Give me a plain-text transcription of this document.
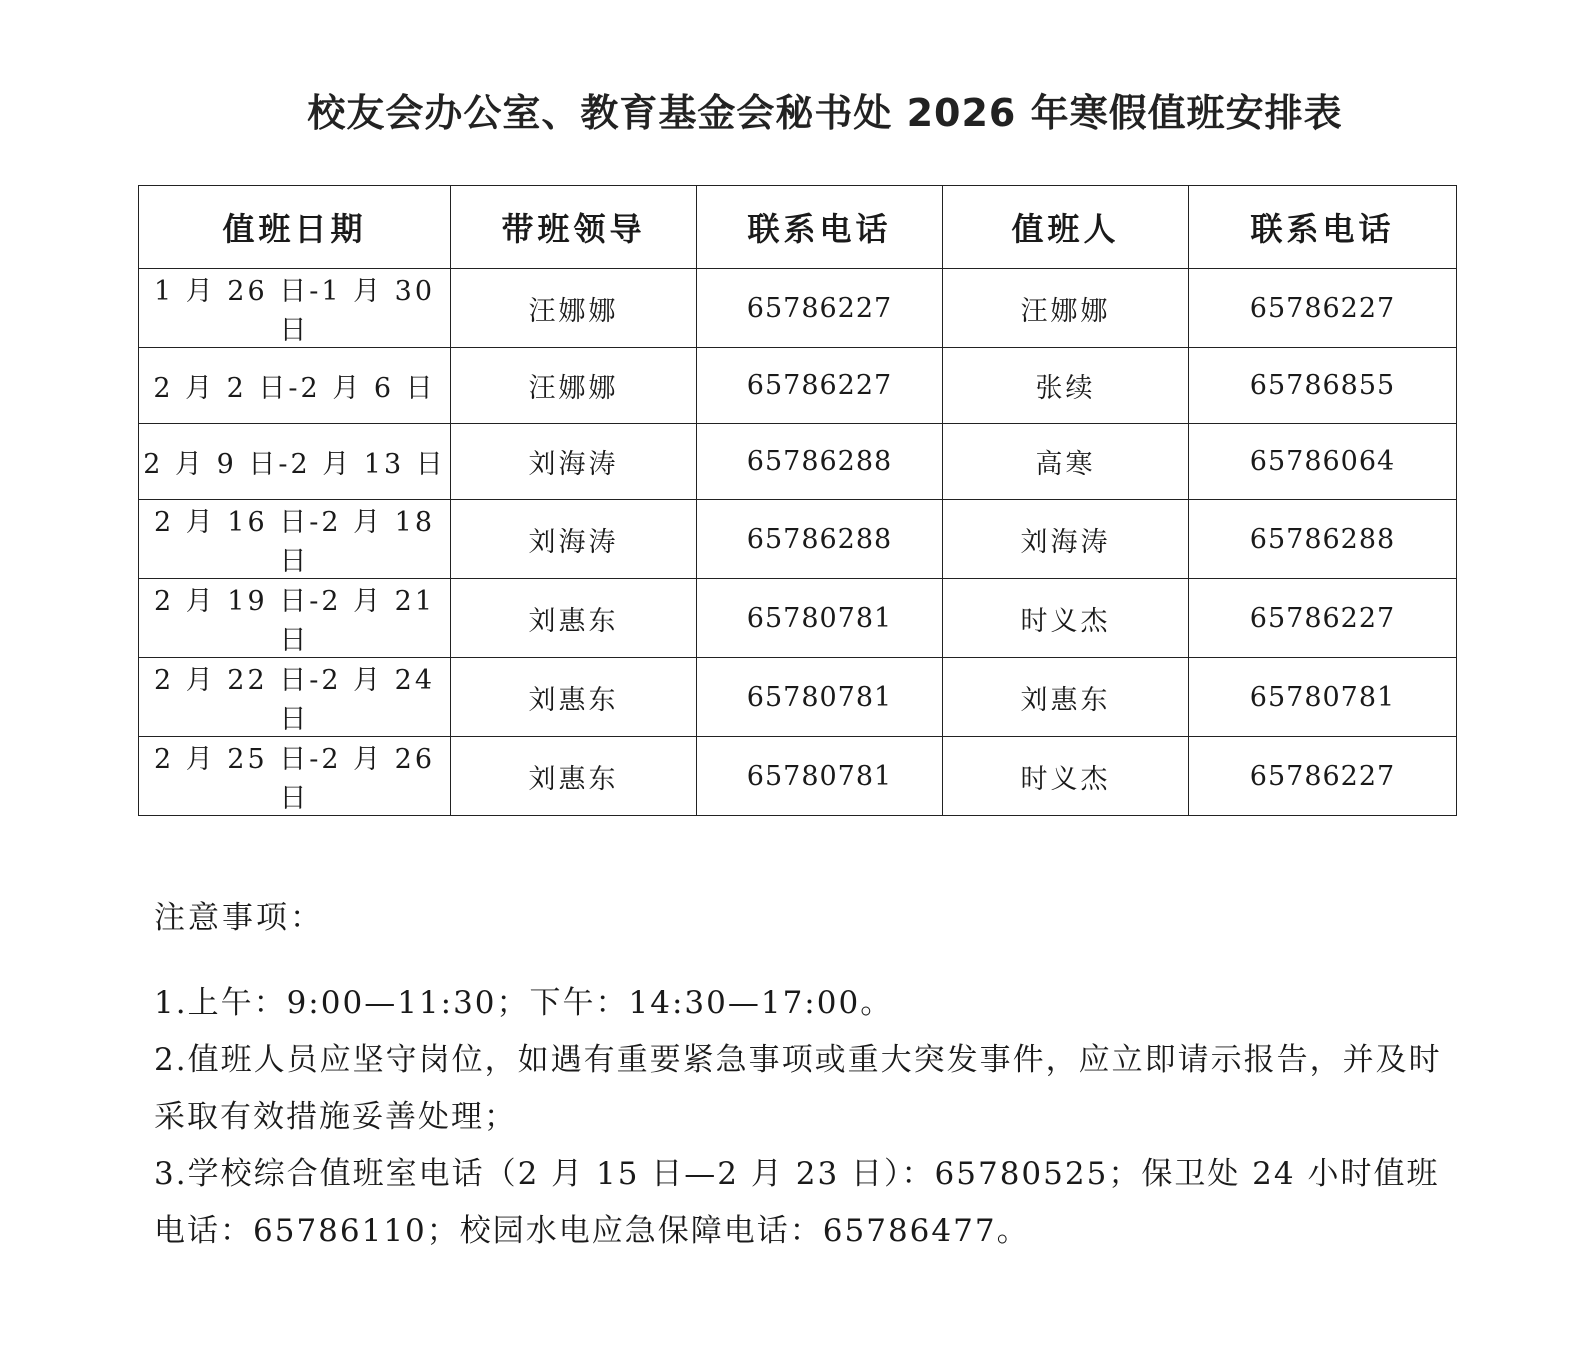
校友会办公室、教育基金会秘书处 2026 年寒假值班安排表
值班日期	带班领导	联系电话	值班人	联系电话
1 月 26 日-1 月 30 日	汪娜娜	65786227	汪娜娜	65786227
2 月 2 日-2 月 6 日	汪娜娜	65786227	张续	65786855
2 月 9 日-2 月 13 日	刘海涛	65786288	高寒	65786064
2 月 16 日-2 月 18 日	刘海涛	65786288	刘海涛	65786288
2 月 19 日-2 月 21 日	刘惠东	65780781	时义杰	65786227
2 月 22 日-2 月 24 日	刘惠东	65780781	刘惠东	65780781
2 月 25 日-2 月 26 日	刘惠东	65780781	时义杰	65786227

注意事项：

1.上午：9:00—11:30；下午：14:30—17:00。

2.值班人员应坚守岗位，如遇有重要紧急事项或重大突发事件，应立即请示报告，并及时采取有效措施妥善处理；

3.学校综合值班室电话（2 月 15 日—2 月 23 日）：65780525；保卫处 24 小时值班电话：65786110；校园水电应急保障电话：65786477。
